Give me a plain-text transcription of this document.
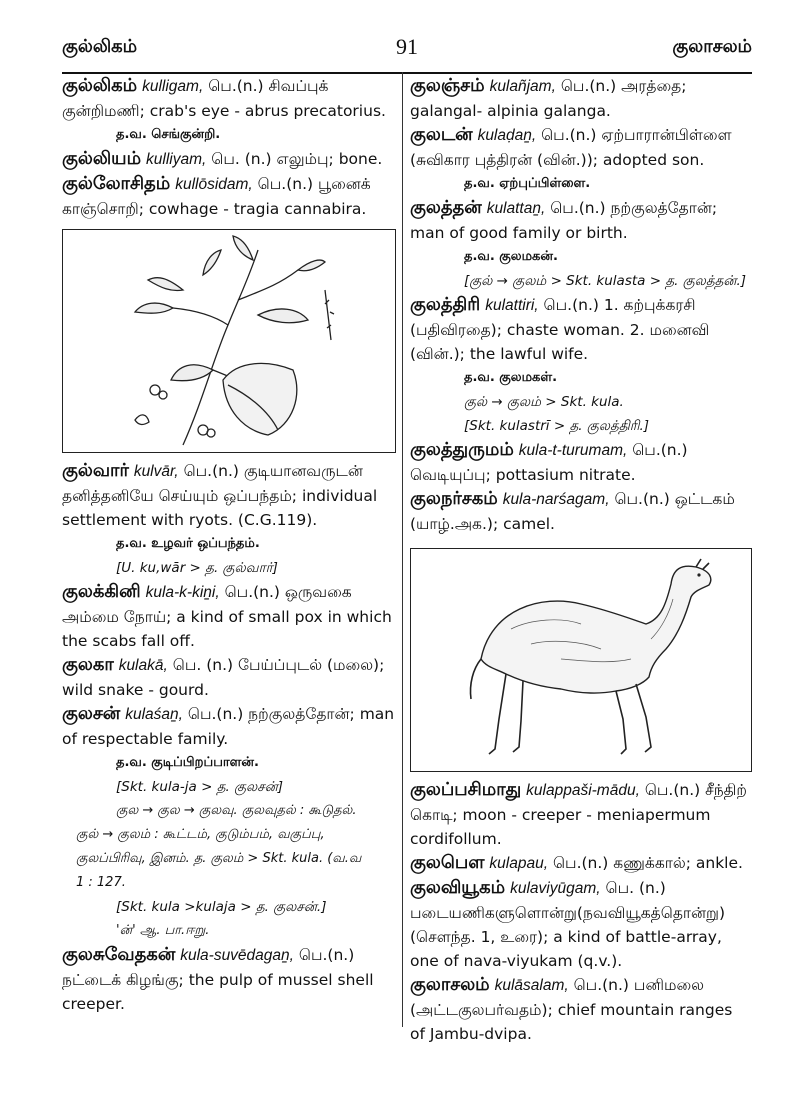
குல்லிகம்	91	குலாசலம்

குல்லிகம் kulligam, பெ.(n.) சிவப்புக் குன்றிமணி; crab's eye - abrus precatorius.

த.வ. செங்குன்றி.

குல்லியம் kulliyam, பெ. (n.) எலும்பு; bone.

குல்லோசிதம் kullōsidam, பெ.(n.) பூனைக் காஞ்சொறி; cowhage - tragia cannabira.

குல்வார் kulvār, பெ.(n.) குடியானவருடன் தனித்தனியே செய்யும் ஒப்பந்தம்; individual settlement with ryots. (C.G.119).

த.வ. உழவர் ஒப்பந்தம்.

[U. ku,wār > த. குல்வார்]

குலக்கினி kula-k-kiṉi, பெ.(n.) ஒருவகை அம்மை நோய்; a kind of small pox in which the scabs fall off.

குலகா kulakā, பெ. (n.) பேய்ப்புடல் (மலை); wild snake - gourd.

குலசன் kulaśaṉ, பெ.(n.) நற்குலத்தோன்; man of respectable family.

த.வ. குடிப்பிறப்பாளன்.

[Skt. kula-ja > த. குலசன்]

குல → குல → குலவு. குலவுதல் : கூடுதல்.

குல் → குலம் : கூட்டம், குடும்பம், வகுப்பு,

குலப்பிரிவு, இனம். த. குலம் > Skt. kula. (வ.வ

1 : 127.

[Skt. kula >kulaja > த. குலசன்.]

'ன்' ஆ. பா.ஈறு.

குலசுவேதகன் kula-suvēdagaṉ, பெ.(n.) நட்டைக் கிழங்கு; the pulp of mussel shell creeper.

குலஞ்சம் kulañjam, பெ.(n.) அரத்தை; galangal- alpinia galanga.

குலடன் kulaḍaṉ, பெ.(n.) ஏற்பாரான்பிள்ளை (சுவிகார புத்திரன் (வின்.)); adopted son.

த.வ. ஏற்புப்பிள்ளை.

குலத்தன் kulattaṉ, பெ.(n.) நற்குலத்தோன்; man of good family or birth.

த.வ. குலமகன்.

[குல் → குலம் > Skt. kulasta > த. குலத்தன்.]

குலத்திரி kulattiri, பெ.(n.) 1. கற்புக்கரசி (பதிவிரதை); chaste woman. 2. மனைவி (வின்.); the lawful wife.

த.வ. குலமகள்.

குல் → குலம் > Skt. kula.

[Skt. kulastrī > த. குலத்திரி.]

குலத்துருமம் kula-t-turumam, பெ.(n.) வெடியுப்பு; pottasium nitrate.

குலநர்சகம் kula-narśagam, பெ.(n.) ஒட்டகம் (யாழ்.அக.); camel.

குலப்பசிமாது kulappaši-mādu, பெ.(n.) சீந்திற் கொடி; moon - creeper - meniapermum cordifollum.

குலபௌ kulapau, பெ.(n.) கணுக்கால்; ankle.

குலவியூகம் kulaviyūgam, பெ. (n.) படையணிகளுளொன்று(நவவியூகத்தொன்று) (சௌந்த. 1, உரை); a kind of battle-array, one of nava-viyukam (q.v.).

குலாசலம் kulāsalam, பெ.(n.) பனிமலை (அட்டகுலபர்வதம்); chief mountain ranges of Jambu-dvipa.
